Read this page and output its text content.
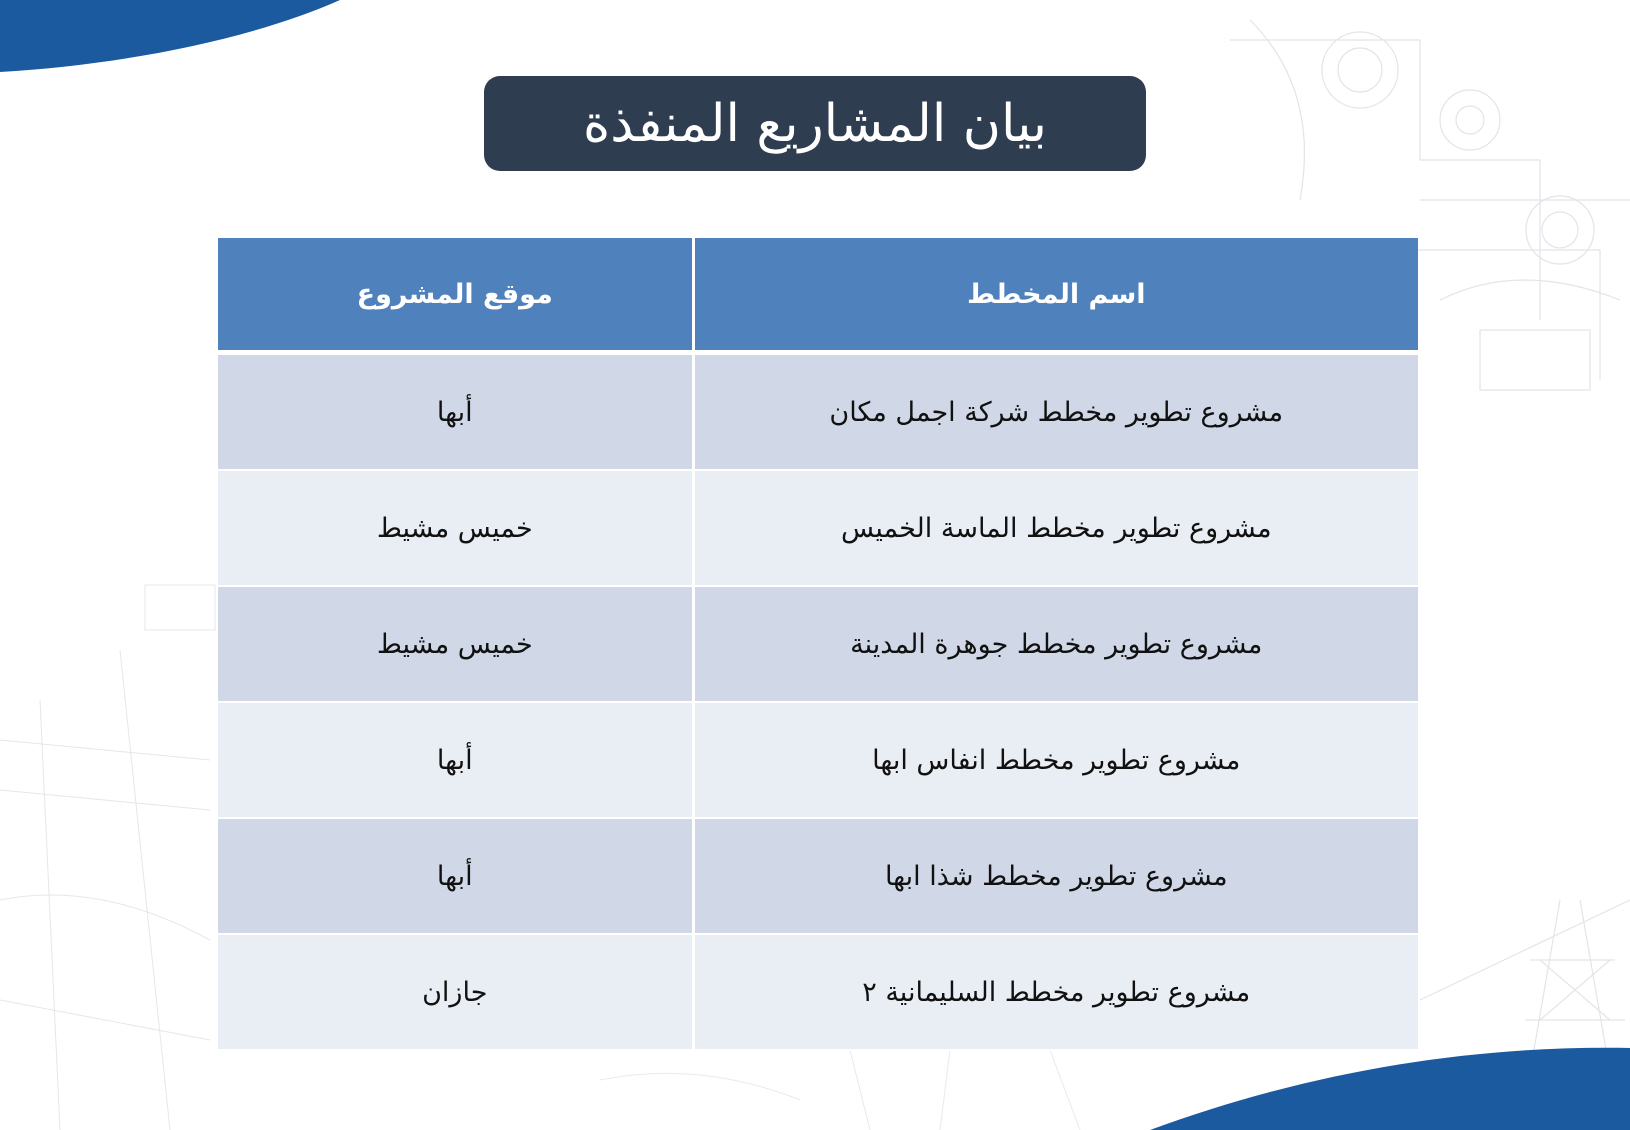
بيان المشاريع المنفذة
اسم المخطط	موقع المشروع
مشروع تطوير مخطط شركة اجمل مكان	أبها
مشروع تطوير مخطط الماسة الخميس	خميس مشيط
مشروع تطوير مخطط جوهرة المدينة	خميس مشيط
مشروع تطوير مخطط انفاس ابها	أبها
مشروع تطوير مخطط شذا ابها	أبها
مشروع تطوير مخطط السليمانية ٢	جازان
